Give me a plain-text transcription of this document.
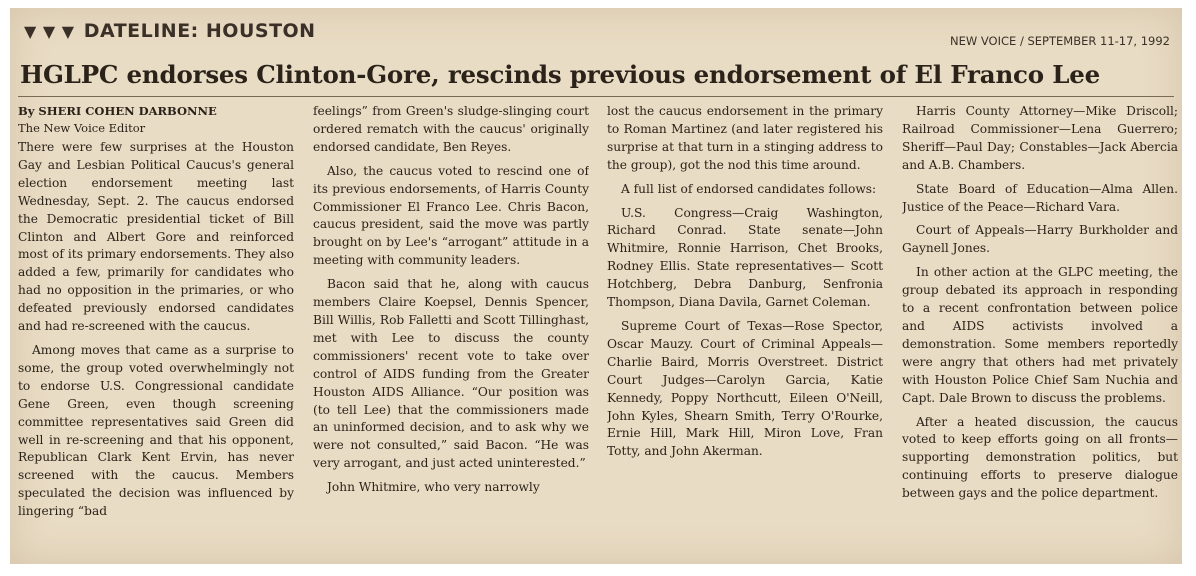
▼ ▼ ▼ DATELINE: HOUSTON	NEW VOICE / SEPTEMBER 11-17, 1992
HGLPC endorses Clinton-Gore, rescinds previous endorsement of El Franco Lee
By SHERI COHEN DARBONNE
The New Voice Editor

There were few surprises at the Houston Gay and Lesbian Political Caucus's general election endorsement meeting last Wednesday, Sept. 2. The caucus endorsed the Democratic presidential ticket of Bill Clinton and Albert Gore and reinforced most of its primary endorsements. They also added a few, primarily for candidates who had no opposition in the primaries, or who defeated previously endorsed candidates and had re-screened with the caucus.

Among moves that came as a surprise to some, the group voted overwhelmingly not to endorse U.S. Congressional candidate Gene Green, even though screening committee representatives said Green did well in re-screening and that his opponent, Republican Clark Kent Ervin, has never screened with the caucus. Members speculated the decision was influenced by lingering “bad

feelings” from Green's sludge-slinging court ordered rematch with the caucus' originally endorsed candidate, Ben Reyes.

Also, the caucus voted to rescind one of its previous endorsements, of Harris County Commissioner El Franco Lee. Chris Bacon, caucus president, said the move was partly brought on by Lee's “arrogant” attitude in a meeting with community leaders.

Bacon said that he, along with caucus members Claire Koepsel, Dennis Spencer, Bill Willis, Rob Falletti and Scott Tillinghast, met with Lee to discuss the county commissioners' recent vote to take over control of AIDS funding from the Greater Houston AIDS Alliance. “Our position was (to tell Lee) that the commissioners made an uninformed decision, and to ask why we were not consulted,” said Bacon. “He was very arrogant, and just acted uninterested.”

John Whitmire, who very narrowly

lost the caucus endorsement in the primary to Roman Martinez (and later registered his surprise at that turn in a stinging address to the group), got the nod this time around.

A full list of endorsed candidates follows:

U.S. Congress—Craig Washington, Richard Conrad. State senate—John Whitmire, Ronnie Harrison, Chet Brooks, Rodney Ellis. State representatives— Scott Hotchberg, Debra Danburg, Senfronia Thompson, Diana Davila, Garnet Coleman.

Supreme Court of Texas—Rose Spector, Oscar Mauzy. Court of Criminal Appeals—Charlie Baird, Morris Overstreet. District Court Judges—Carolyn Garcia, Katie Kennedy, Poppy Northcutt, Eileen O'Neill, John Kyles, Shearn Smith, Terry O'Rourke, Ernie Hill, Mark Hill, Miron Love, Fran Totty, and John Akerman.

Harris County Attorney—Mike Driscoll; Railroad Commissioner—Lena Guerrero; Sheriff—Paul Day; Constables—Jack Abercia and A.B. Chambers.

State Board of Education—Alma Allen. Justice of the Peace—Richard Vara.

Court of Appeals—Harry Burkholder and Gaynell Jones.

In other action at the GLPC meeting, the group debated its approach in responding to a recent confrontation between police and AIDS activists involved a demonstration. Some members reportedly were angry that others had met privately with Houston Police Chief Sam Nuchia and Capt. Dale Brown to discuss the problems.

After a heated discussion, the caucus voted to keep efforts going on all fronts—supporting demonstration politics, but continuing efforts to preserve dialogue between gays and the police department.
